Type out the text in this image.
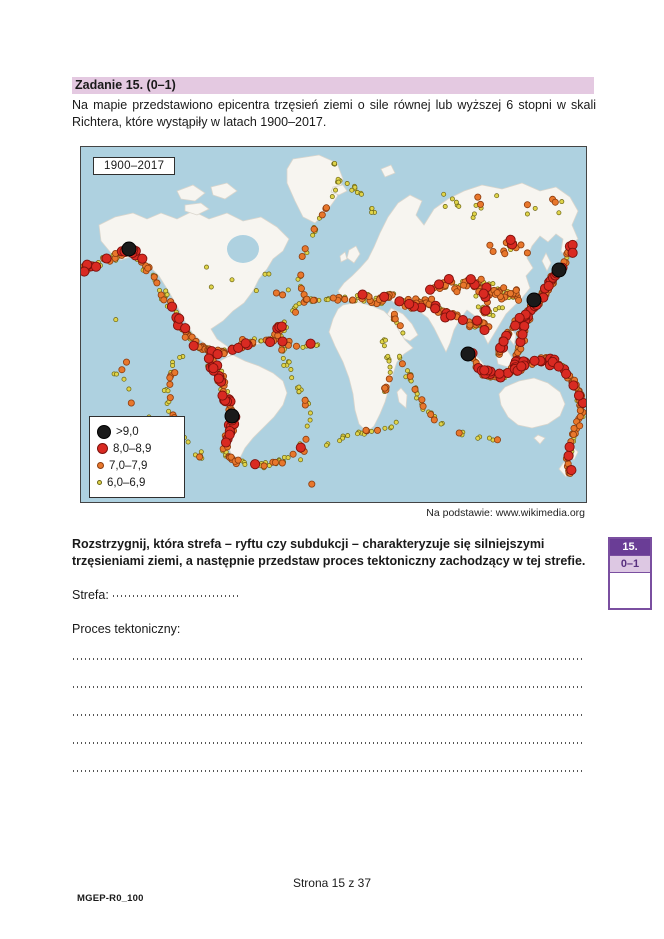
Zadanie 15. (0–1)

Na mapie przedstawiono epicentra trzęsień ziemi o sile równej lub wyższej 6 stopni w skali Richtera, które wystąpiły w latach 1900–2017.

1900–2017
>9,0
8,0–8,9
7,0–7,9
6,0–6,9
Na podstawie: www.wikimedia.org

Rozstrzygnij, która strefa – ryftu czy subdukcji – charakteryzuje się silniejszymi trzęsieniami ziemi, a następnie przedstaw proces tektoniczny zachodzący w tej strefie.

15.
0–1
Strefa:
Proces tektoniczny:
Strona 15 z 37
MGEP-R0_100
